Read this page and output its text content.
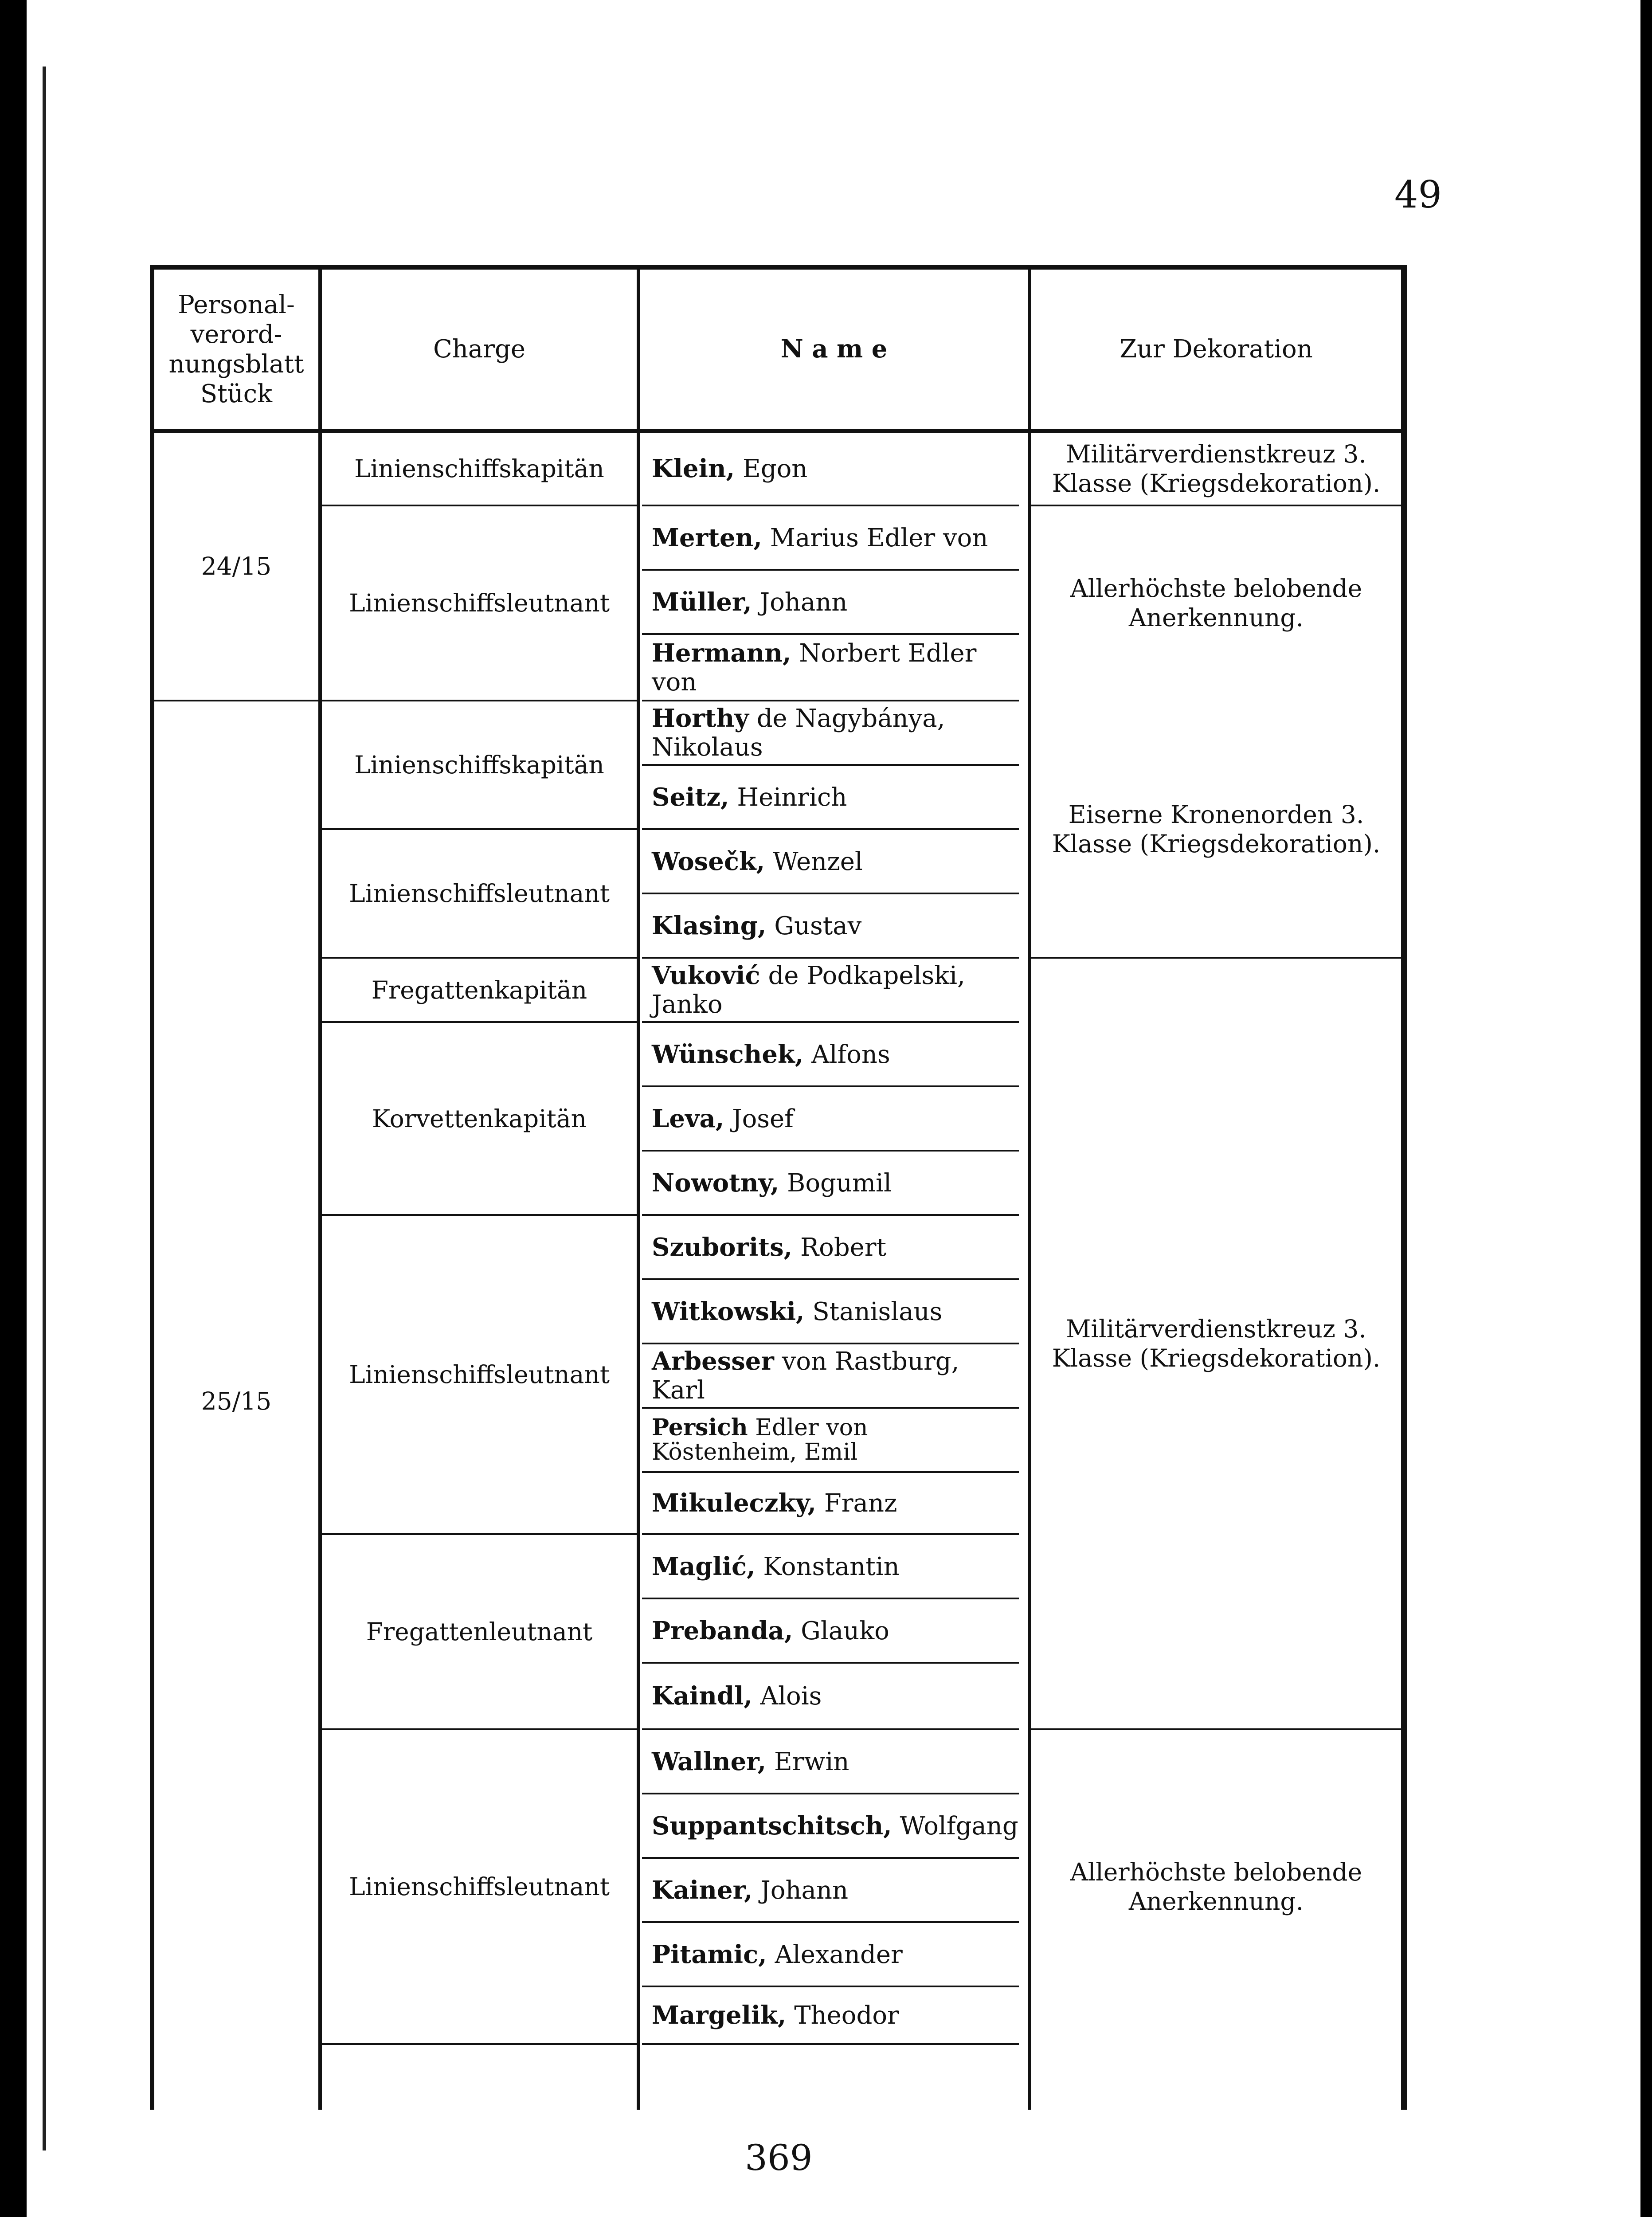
49
Personal-
verord-
nungsblatt
Stück
Charge	N a m e	Zur Dekoration
24/15
25/15
Linienschiffskapitän
Linienschiffsleutnant
Linienschiffskapitän
Linienschiffsleutnant
Fregattenkapitän
Korvettenkapitän
Linienschiffsleutnant
Fregattenleutnant
Linienschiffsleutnant
Klein, Egon
Merten, Marius Edler von
Müller, Johann
Hermann, Norbert Edler von
Horthy de Nagybánya, Nikolaus
Seitz, Heinrich
Wosečk, Wenzel
Klasing, Gustav
Vuković de Podkapelski, Janko
Wünschek, Alfons
Leva, Josef
Nowotny, Bogumil
Szuborits, Robert
Witkowski, Stanislaus
Arbesser von Rastburg, Karl
Persich Edler von Köstenheim, Emil
Mikuleczky, Franz
Maglić, Konstantin
Prebanda, Glauko
Kaindl, Alois
Wallner, Erwin
Suppantschitsch, Wolfgang
Kainer, Johann
Pitamic, Alexander
Margelik, Theodor
Militärverdienstkreuz 3. Klasse (Kriegsdekoration).
Allerhöchste belobende Anerkennung.
Eiserne Kronenorden 3. Klasse (Kriegsdekoration).
Militärverdienstkreuz 3. Klasse (Kriegsdekoration).
Allerhöchste belobende Anerkennung.
369
